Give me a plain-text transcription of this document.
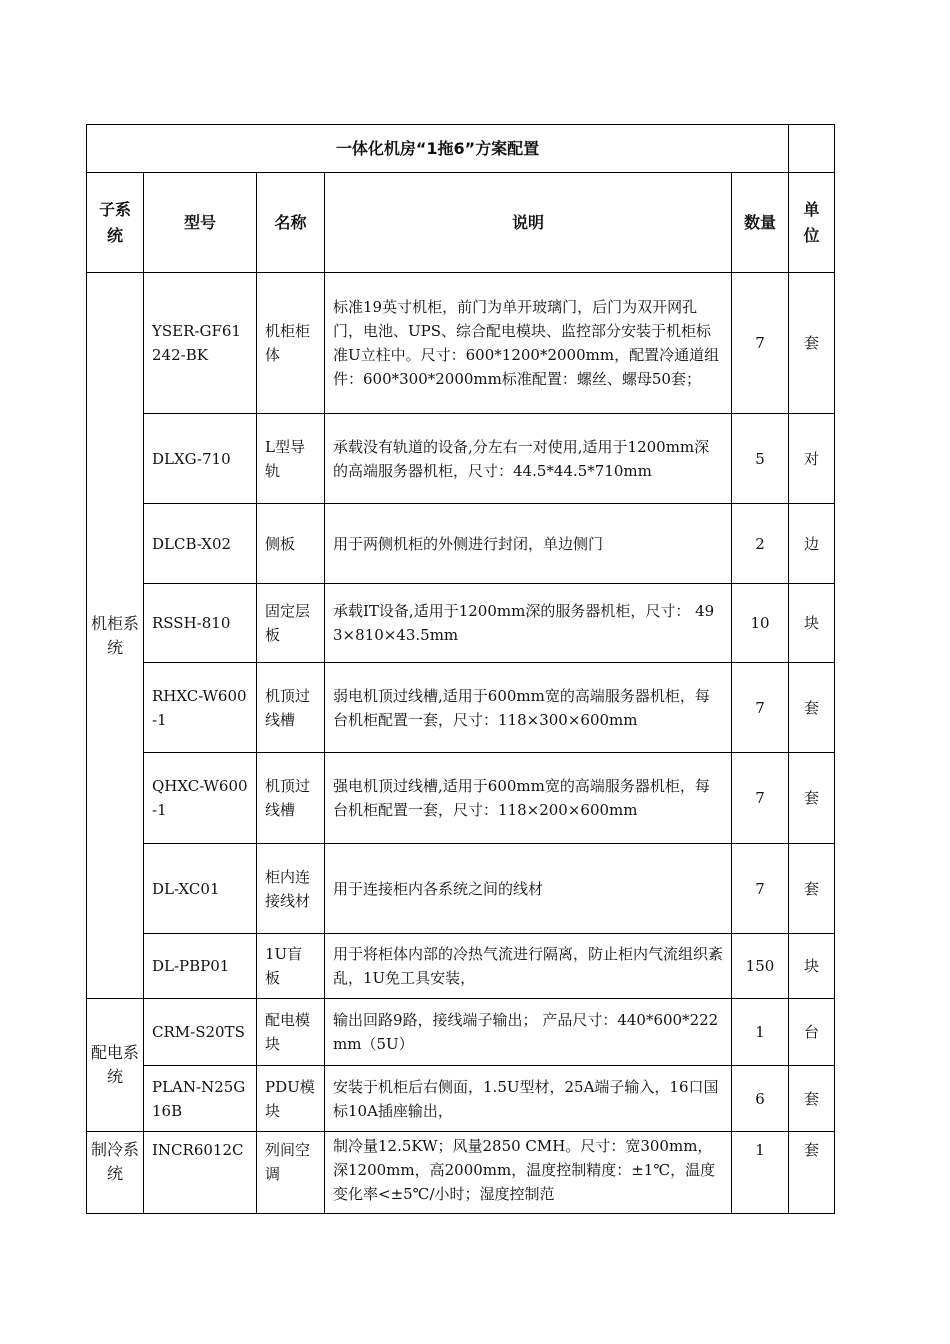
一体化机房“1拖6”方案配置					
子系统	型号	名称	说明	数量	单位
机柜系统	YSER-GF61242-BK	机柜柜体	标准19英寸机柜，前门为单开玻璃门，后门为双开网孔门，电池、UPS、综合配电模块、监控部分安装于机柜标准U立柱中。尺寸：600*1200*2000mm，配置冷通道组件：600*300*2000mm标准配置：螺丝、螺母50套；	7	套
	DLXG-710	L型导轨	承载没有轨道的设备,分左右一对使用,适用于1200mm深的高端服务器机柜，尺寸：44.5*44.5*710mm	5	对
	DLCB-X02	侧板	用于两侧机柜的外侧进行封闭，单边侧门	2	边
	RSSH-810	固定层板	承载IT设备,适用于1200mm深的服务器机柜，尺寸： 493×810×43.5mm	10	块
	RHXC-W600-1	机顶过线槽	弱电机顶过线槽,适用于600mm宽的高端服务器机柜，每台机柜配置一套，尺寸：118×300×600mm	7	套
	QHXC-W600-1	机顶过线槽	强电机顶过线槽,适用于600mm宽的高端服务器机柜，每台机柜配置一套，尺寸：118×200×600mm	7	套
	DL-XC01	柜内连接线材	用于连接柜内各系统之间的线材	7	套
	DL-PBP01	1U盲板	用于将柜体内部的冷热气流进行隔离，防止柜内气流组织紊乱，1U免工具安装，	150	块
配电系统	CRM-S20TS	配电模块	输出回路9路，接线端子输出； 产品尺寸：440*600*222mm（5U）	1	台
	PLAN-N25G16B	PDU模块	安装于机柜后右侧面，1.5U型材，25A端子输入，16口国标10A插座输出，	6	套
制冷系统	INCR6012C	列间空调	制冷量12.5KW；风量2850 CMH。尺寸：宽300mm，深1200mm，高2000mm，温度控制精度：±1℃，温度变化率<±5℃/小时；湿度控制范	1	套
